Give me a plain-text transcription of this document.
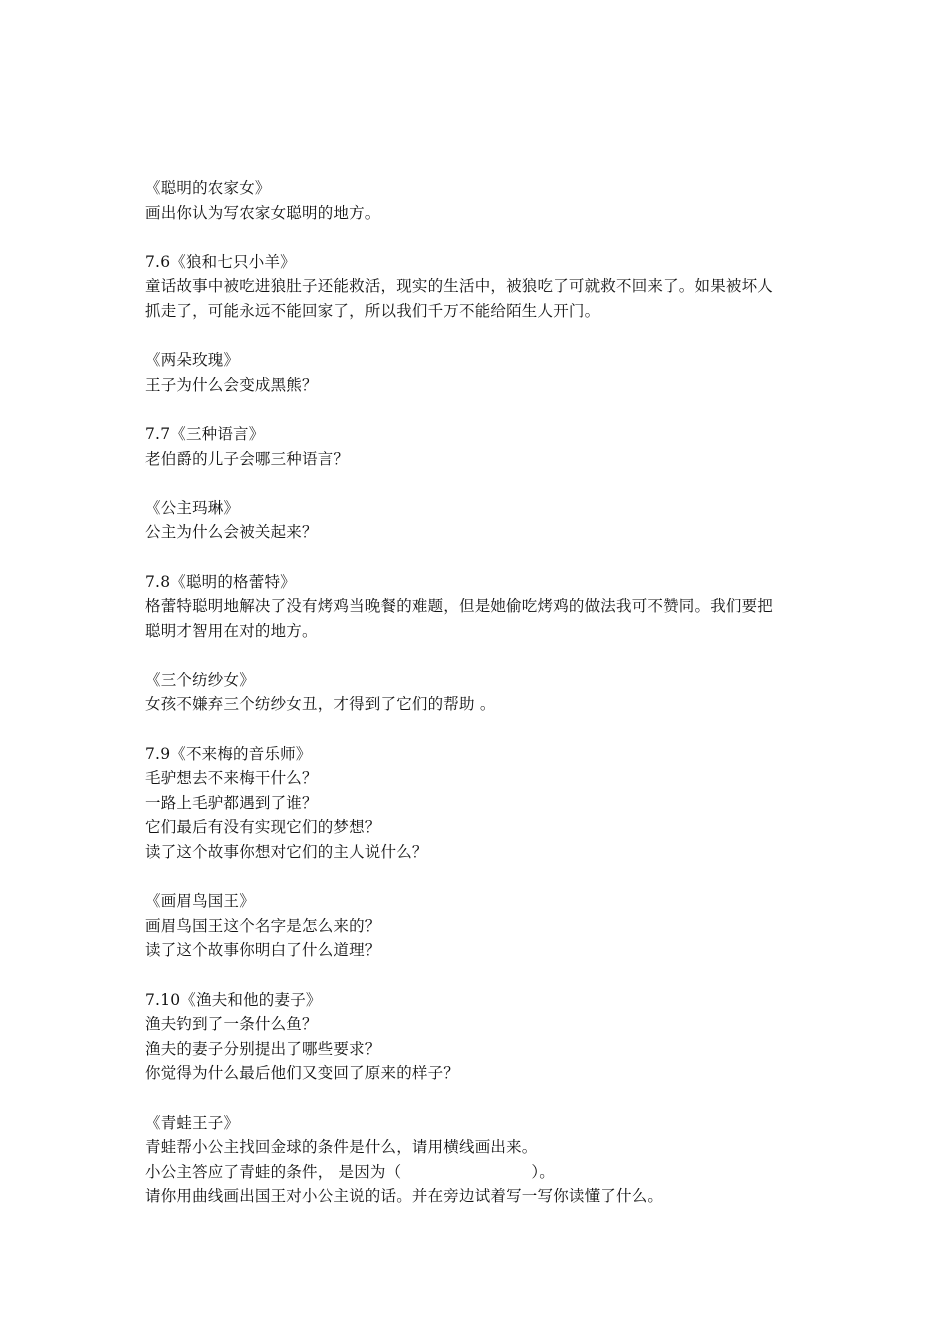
《聪明的农家女》
画出你认为写农家女聪明的地方。
7.6《狼和七只小羊》
童话故事中被吃进狼肚子还能救活，现实的生活中，被狼吃了可就救不回来了。如果被坏人
抓走了，可能永远不能回家了，所以我们千万不能给陌生人开门。
《两朵玫瑰》
王子为什么会变成黑熊？
7.7《三种语言》
老伯爵的儿子会哪三种语言？
《公主玛琳》
公主为什么会被关起来？
7.8《聪明的格蕾特》
格蕾特聪明地解决了没有烤鸡当晚餐的难题，但是她偷吃烤鸡的做法我可不赞同。我们要把
聪明才智用在对的地方。
《三个纺纱女》
女孩不嫌弃三个纺纱女丑，才得到了它们的帮助 。
7.9《不来梅的音乐师》
毛驴想去不来梅干什么？
一路上毛驴都遇到了谁？
它们最后有没有实现它们的梦想？
读了这个故事你想对它们的主人说什么？
《画眉鸟国王》
画眉鸟国王这个名字是怎么来的？
读了这个故事你明白了什么道理？
7.10《渔夫和他的妻子》
渔夫钓到了一条什么鱼？
渔夫的妻子分别提出了哪些要求？
你觉得为什么最后他们又变回了原来的样子？
《青蛙王子》
青蛙帮小公主找回金球的条件是什么，请用横线画出来。
小公主答应了青蛙的条件， 是因为（	）。
请你用曲线画出国王对小公主说的话。并在旁边试着写一写你读懂了什么。
